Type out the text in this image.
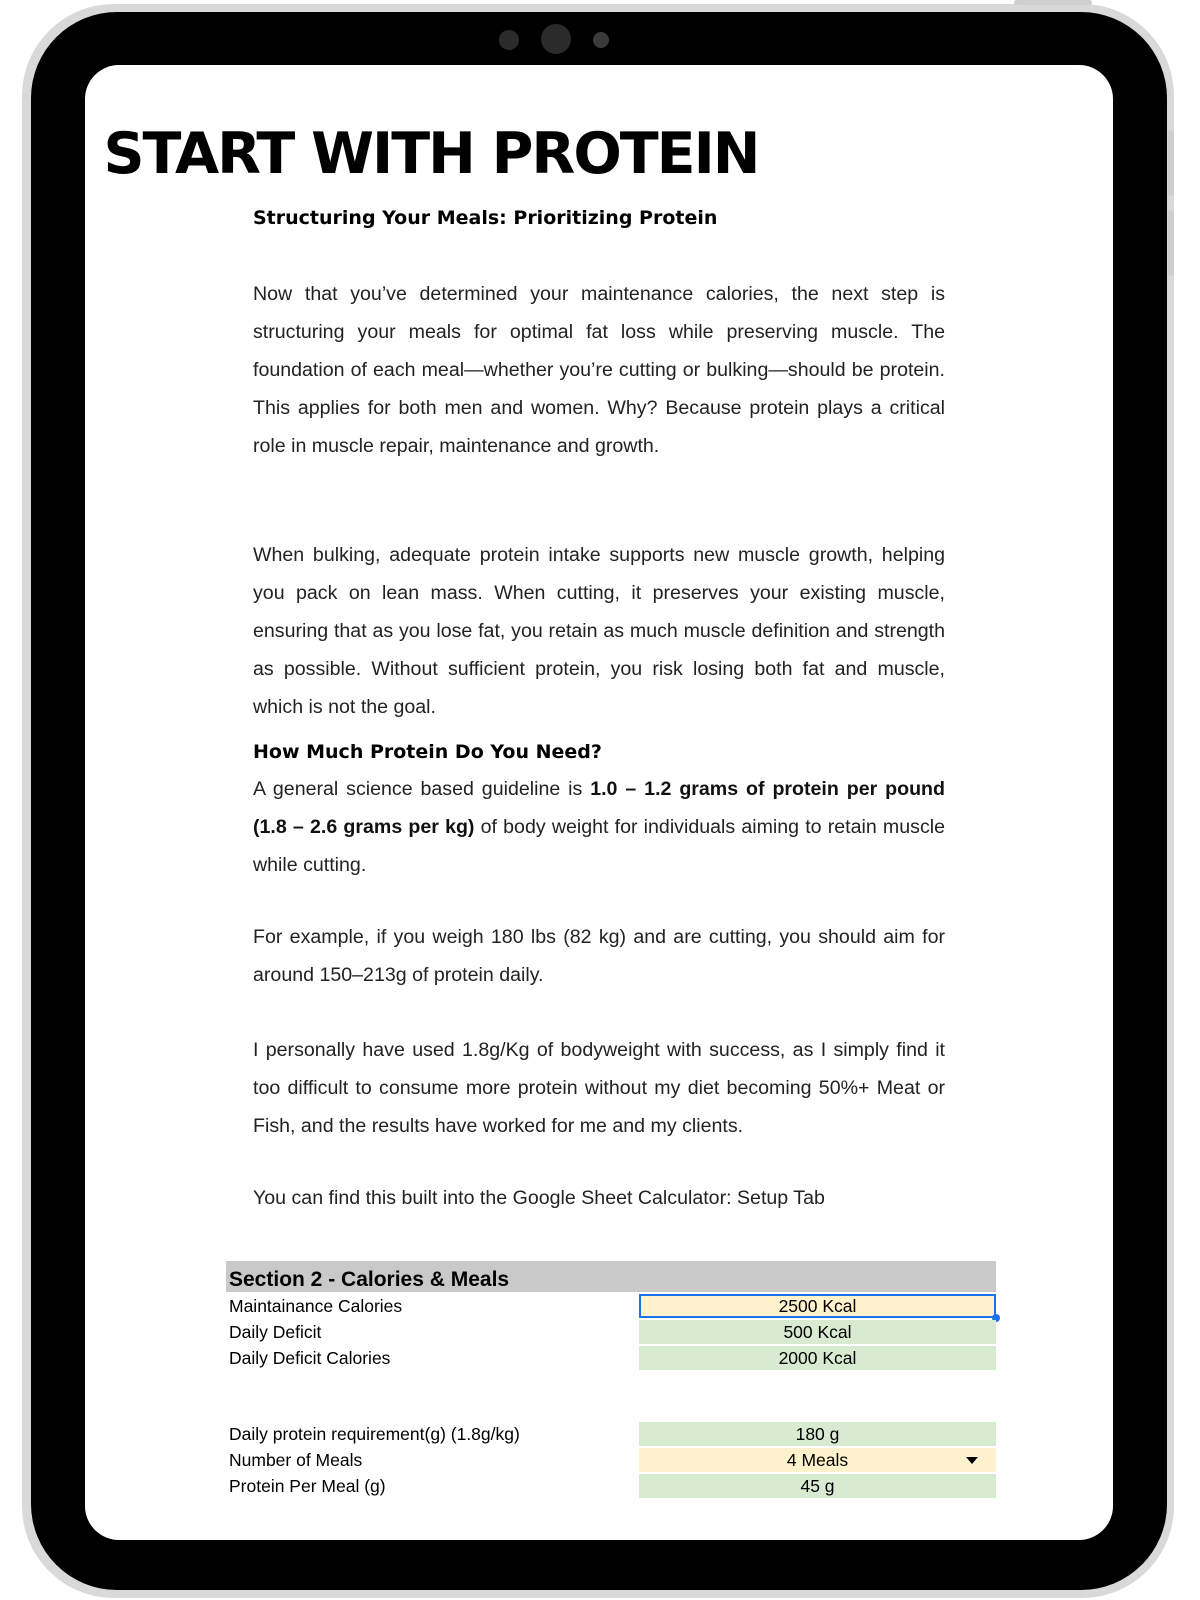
START WITH PROTEIN
Structuring Your Meals: Prioritizing Protein
Now that you’ve determined your maintenance calories, the next step is structuring your meals for optimal fat loss while preserving muscle. The foundation of each meal—whether you’re cutting or bulking—should be protein. This applies for both men and women. Why? Because protein plays a critical role in muscle repair, maintenance and growth.
When bulking, adequate protein intake supports new muscle growth, helping you pack on lean mass. When cutting, it preserves your existing muscle, ensuring that as you lose fat, you retain as much muscle definition and strength as possible. Without sufficient protein, you risk losing both fat and muscle, which is not the goal.
How Much Protein Do You Need?
A general science based guideline is 1.0 – 1.2 grams of protein per pound (1.8 – 2.6 grams per kg) of body weight for individuals aiming to retain muscle while cutting.
For example, if you weigh 180 lbs (82 kg) and are cutting, you should aim for around 150–213g of protein daily.
I personally have used 1.8g/Kg of bodyweight with success, as I simply find it too difficult to consume more protein without my diet becoming 50%+ Meat or Fish, and the results have worked for me and my clients.
You can find this built into the Google Sheet Calculator: Setup Tab
Section 2 - Calories & Meals
Maintainance Calories	2500 Kcal
Daily Deficit	500 Kcal
Daily Deficit Calories	2000 Kcal
Daily protein requirement(g) (1.8g/kg)	180 g
Number of Meals	4 Meals
Protein Per Meal (g)	45 g
